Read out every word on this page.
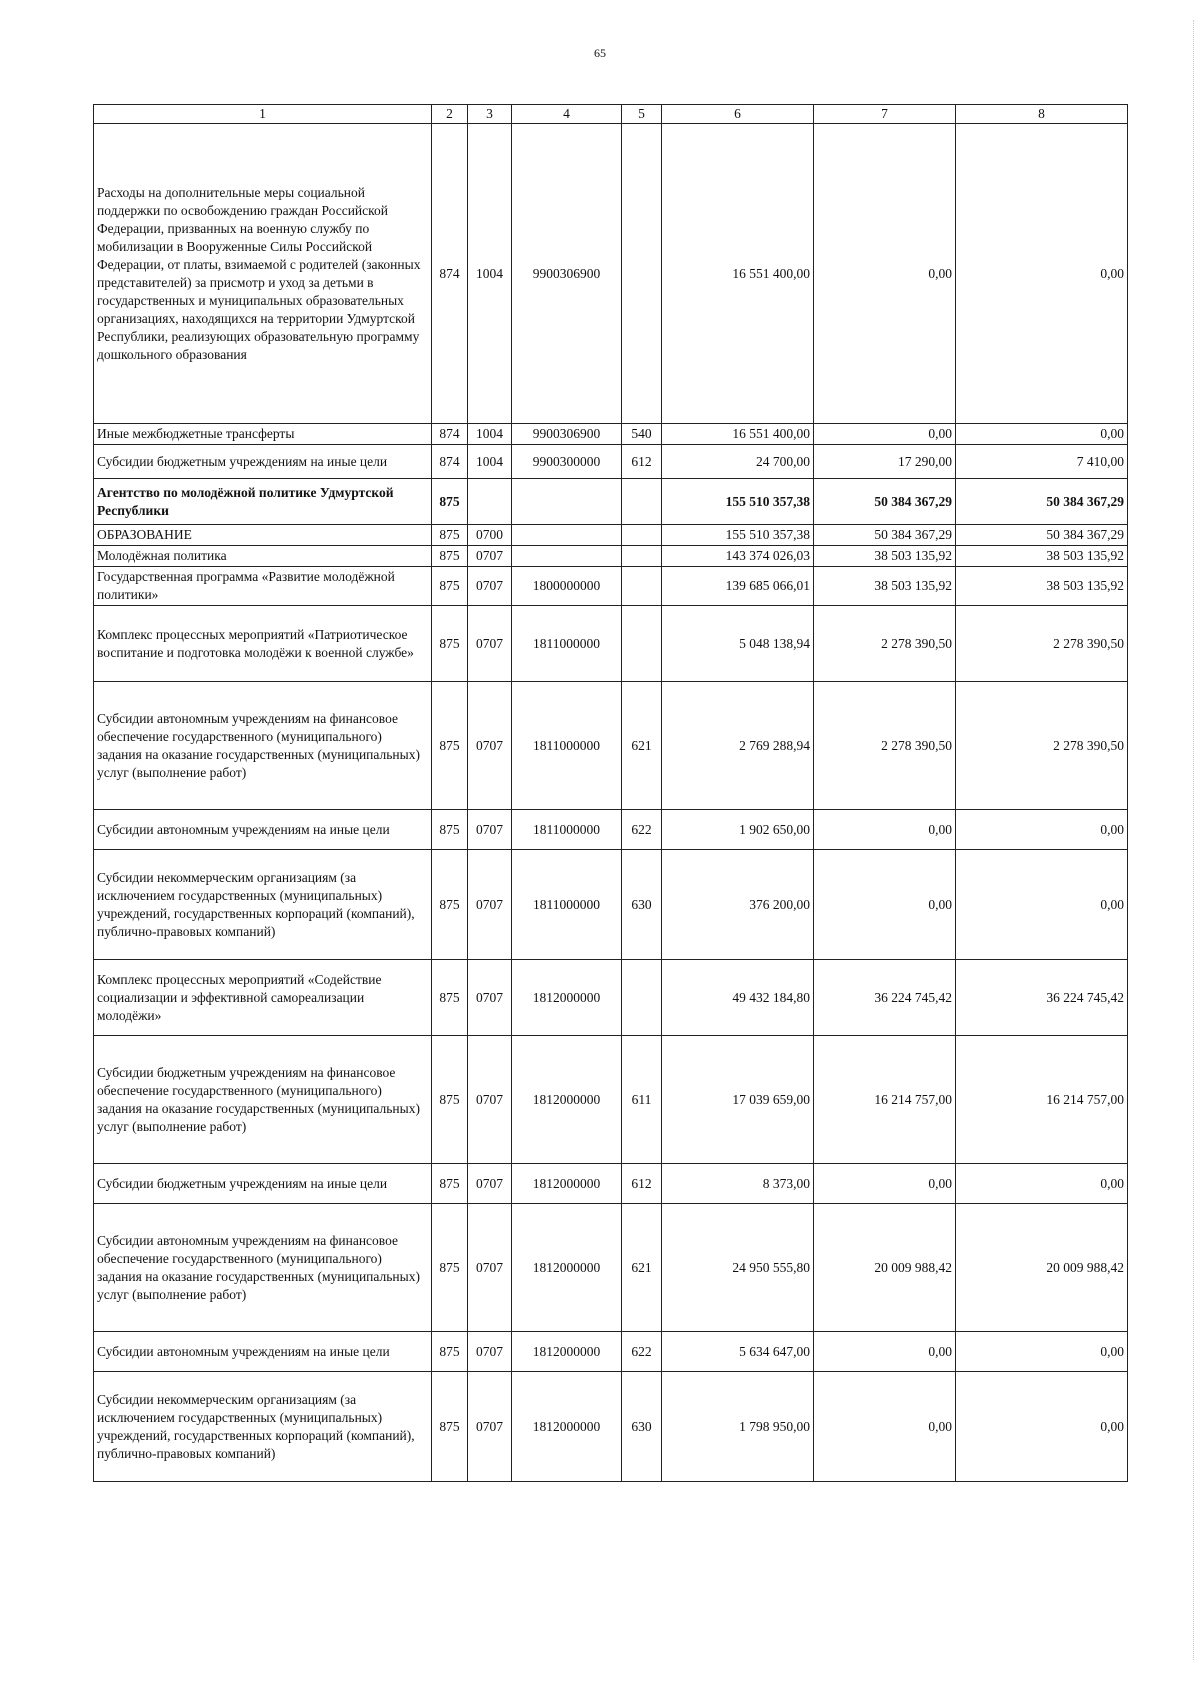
65
1	2	3	4	5	6	7	8
Расходы на дополнительные меры социальной поддержки по освобождению граждан Российской Федерации, призванных на военную службу по мобилизации в Вооруженные Силы Российской Федерации, от платы, взимаемой с родителей (законных представителей) за присмотр и уход за детьми в государственных и муниципальных образовательных организациях, находящихся на территории Удмуртской Республики, реализующих образовательную программу дошкольного образования	874	1004	9900306900		16 551 400,00	0,00	0,00
Иные межбюджетные трансферты	874	1004	9900306900	540	16 551 400,00	0,00	0,00
Субсидии бюджетным учреждениям на иные цели	874	1004	9900300000	612	24 700,00	17 290,00	7 410,00
Агентство по молодёжной политике Удмуртской Республики	875				155 510 357,38	50 384 367,29	50 384 367,29
ОБРАЗОВАНИЕ	875	0700			155 510 357,38	50 384 367,29	50 384 367,29
Молодёжная политика	875	0707			143 374 026,03	38 503 135,92	38 503 135,92
Государственная программа «Развитие молодёжной политики»	875	0707	1800000000		139 685 066,01	38 503 135,92	38 503 135,92
Комплекс процессных мероприятий «Патриотическое воспитание и подготовка молодёжи к военной службе»	875	0707	1811000000		5 048 138,94	2 278 390,50	2 278 390,50
Субсидии автономным учреждениям на финансовое обеспечение государственного (муниципального) задания на оказание государственных (муниципальных) услуг (выполнение работ)	875	0707	1811000000	621	2 769 288,94	2 278 390,50	2 278 390,50
Субсидии автономным учреждениям на иные цели	875	0707	1811000000	622	1 902 650,00	0,00	0,00
Субсидии некоммерческим организациям (за исключением государственных (муниципальных) учреждений, государственных корпораций (компаний), публично-правовых компаний)	875	0707	1811000000	630	376 200,00	0,00	0,00
Комплекс процессных мероприятий «Содействие социализации и эффективной самореализации молодёжи»	875	0707	1812000000		49 432 184,80	36 224 745,42	36 224 745,42
Субсидии бюджетным учреждениям на финансовое обеспечение государственного (муниципального) задания на оказание государственных (муниципальных) услуг (выполнение работ)	875	0707	1812000000	611	17 039 659,00	16 214 757,00	16 214 757,00
Субсидии бюджетным учреждениям на иные цели	875	0707	1812000000	612	8 373,00	0,00	0,00
Субсидии автономным учреждениям на финансовое обеспечение государственного (муниципального) задания на оказание государственных (муниципальных) услуг (выполнение работ)	875	0707	1812000000	621	24 950 555,80	20 009 988,42	20 009 988,42
Субсидии автономным учреждениям на иные цели	875	0707	1812000000	622	5 634 647,00	0,00	0,00
Субсидии некоммерческим организациям (за исключением государственных (муниципальных) учреждений, государственных корпораций (компаний), публично-правовых компаний)	875	0707	1812000000	630	1 798 950,00	0,00	0,00
